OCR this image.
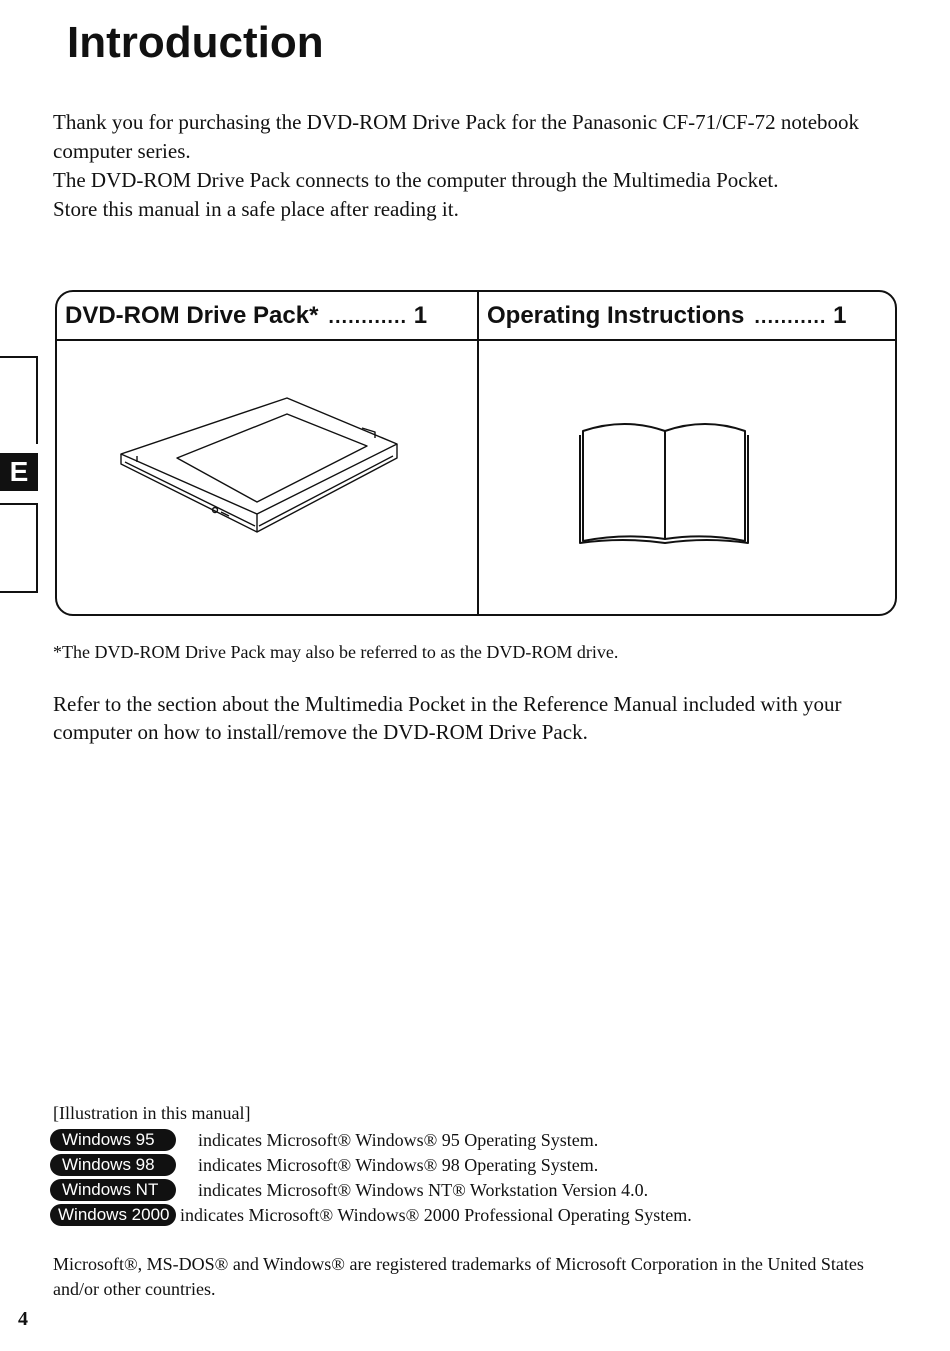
Introduction

Thank you for purchasing the DVD-ROM Drive Pack for the Panasonic CF-71/CF-72 notebook computer series.

The DVD-ROM Drive Pack connects to the computer through the Multimedia Pocket.

Store this manual in a safe place after reading it.

DVD-ROM Drive Pack* ............ 1 Operating Instructions ........... 1
*The DVD-ROM Drive Pack may also be referred to as the DVD-ROM drive.

Refer to the section about the Multimedia Pocket in the Reference Manual included with your computer on how to install/remove the DVD-ROM Drive Pack.

E
[Illustration in this manual]
Windows 95	indicates Microsoft® Windows® 95 Operating System.
Windows 98	indicates Microsoft® Windows® 98 Operating System.
Windows NT	indicates Microsoft® Windows NT® Workstation Version 4.0.
Windows 2000 indicates Microsoft® Windows® 2000 Professional Operating System.

Microsoft®, MS-DOS® and Windows® are registered trademarks of Microsoft Corporation in the United States and/or other countries.

4
